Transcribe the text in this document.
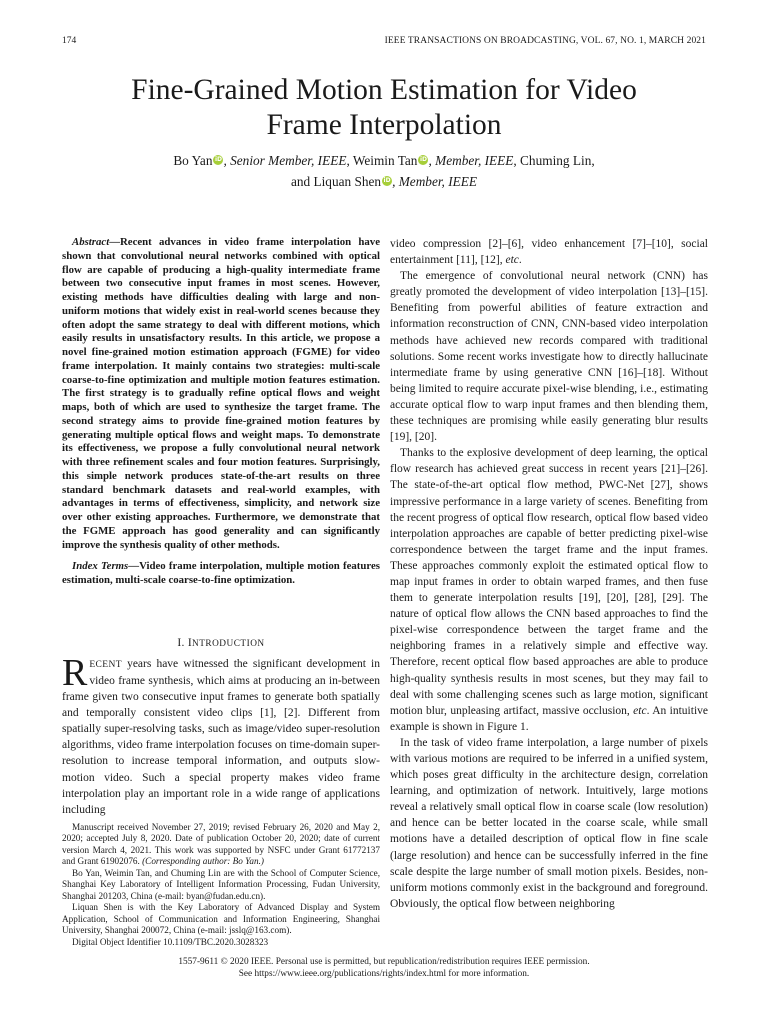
174	IEEE TRANSACTIONS ON BROADCASTING, VOL. 67, NO. 1, MARCH 2021
Fine-Grained Motion Estimation for Video
Frame Interpolation
Bo Yan iD, Senior Member, IEEE, Weimin Tan iD, Member, IEEE, Chuming Lin,
and Liquan Shen iD, Member, IEEE

Abstract—Recent advances in video frame interpolation have shown that convolutional neural networks combined with optical flow are capable of producing a high-quality intermediate frame between two consecutive input frames in most scenes. However, existing methods have difficulties dealing with large and non-uniform motions that widely exist in real-world scenes because they often adopt the same strategy to deal with different motions, which easily results in unsatisfactory results. In this article, we propose a novel fine-grained motion estimation approach (FGME) for video frame interpolation. It mainly contains two strategies: multi-scale coarse-to-fine optimization and multiple motion features estimation. The first strategy is to gradually refine optical flows and weight maps, both of which are used to synthesize the target frame. The second strategy aims to provide fine-grained motion features by generating multiple optical flows and weight maps. To demonstrate its effectiveness, we propose a fully convolutional neural network with three refinement scales and four motion features. Surprisingly, this simple network produces state-of-the-art results on three standard benchmark datasets and real-world examples, with advantages in terms of effectiveness, simplicity, and network size over other existing approaches. Furthermore, we demonstrate that the FGME approach has good generality and can significantly improve the synthesis quality of other methods.

Index Terms—Video frame interpolation, multiple motion features estimation, multi-scale coarse-to-fine optimization.

I. INTRODUCTION

RECENT years have witnessed the significant development in video frame synthesis, which aims at producing an in-between frame given two consecutive input frames to generate both spatially and temporally consistent video clips [1], [2]. Different from spatially super-resolving tasks, such as image/video super-resolution algorithms, video frame interpolation focuses on time-domain super-resolution to increase temporal information, and outputs slow-motion video. Such a special property makes video frame interpolation play an important role in a wide range of applications including

Manuscript received November 27, 2019; revised February 26, 2020 and May 2, 2020; accepted July 8, 2020. Date of publication October 20, 2020; date of current version March 4, 2021. This work was supported by NSFC under Grant 61772137 and Grant 61902076. (Corresponding author: Bo Yan.)

Bo Yan, Weimin Tan, and Chuming Lin are with the School of Computer Science, Shanghai Key Laboratory of Intelligent Information Processing, Fudan University, Shanghai 201203, China (e-mail: byan@fudan.edu.cn).

Liquan Shen is with the Key Laboratory of Advanced Display and System Application, School of Communication and Information Engineering, Shanghai University, Shanghai 200072, China (e-mail: jsslq@163.com).

Digital Object Identifier 10.1109/TBC.2020.3028323

video compression [2]–[6], video enhancement [7]–[10], social entertainment [11], [12], etc.

The emergence of convolutional neural network (CNN) has greatly promoted the development of video interpolation [13]–[15]. Benefiting from powerful abilities of feature extraction and information reconstruction of CNN, CNN-based video interpolation methods have achieved new records compared with traditional solutions. Some recent works investigate how to directly hallucinate intermediate frame by using generative CNN [16]–[18]. Without being limited to require accurate pixel-wise blending, i.e., estimating accurate optical flow to warp input frames and then blending them, these techniques are promising while easily generating blur results [19], [20].

Thanks to the explosive development of deep learning, the optical flow research has achieved great success in recent years [21]–[26]. The state-of-the-art optical flow method, PWC-Net [27], shows impressive performance in a large variety of scenes. Benefiting from the recent progress of optical flow research, optical flow based video interpolation approaches are capable of better predicting pixel-wise correspondence between the target frame and the input frames. These approaches commonly exploit the estimated optical flow to map input frames in order to obtain warped frames, and then fuse them to generate interpolation results [19], [20], [28], [29]. The nature of optical flow allows the CNN based approaches to find the pixel-wise correspondence between the target frame and the neighboring frames in a relatively simple and effective way. Therefore, recent optical flow based approaches are able to produce high-quality synthesis results in most scenes, but they may fail to deal with some challenging scenes such as large motion, significant motion blur, unpleasing artifact, massive occlusion, etc. An intuitive example is shown in Figure 1.

In the task of video frame interpolation, a large number of pixels with various motions are required to be inferred in a unified system, which poses great difficulty in the architecture design, correlation learning, and optimization of network. Intuitively, large motions reveal a relatively small optical flow in coarse scale (low resolution) and hence can be better located in the coarse scale, while small motions have a detailed description of optical flow in fine scale (large resolution) and hence can be successfully inferred in the fine scale despite the large number of small motion pixels. Besides, non-uniform motions commonly exist in the background and foreground. Obviously, the optical flow between neighboring

1557-9611 © 2020 IEEE. Personal use is permitted, but republication/redistribution requires IEEE permission.
See https://www.ieee.org/publications/rights/index.html for more information.
